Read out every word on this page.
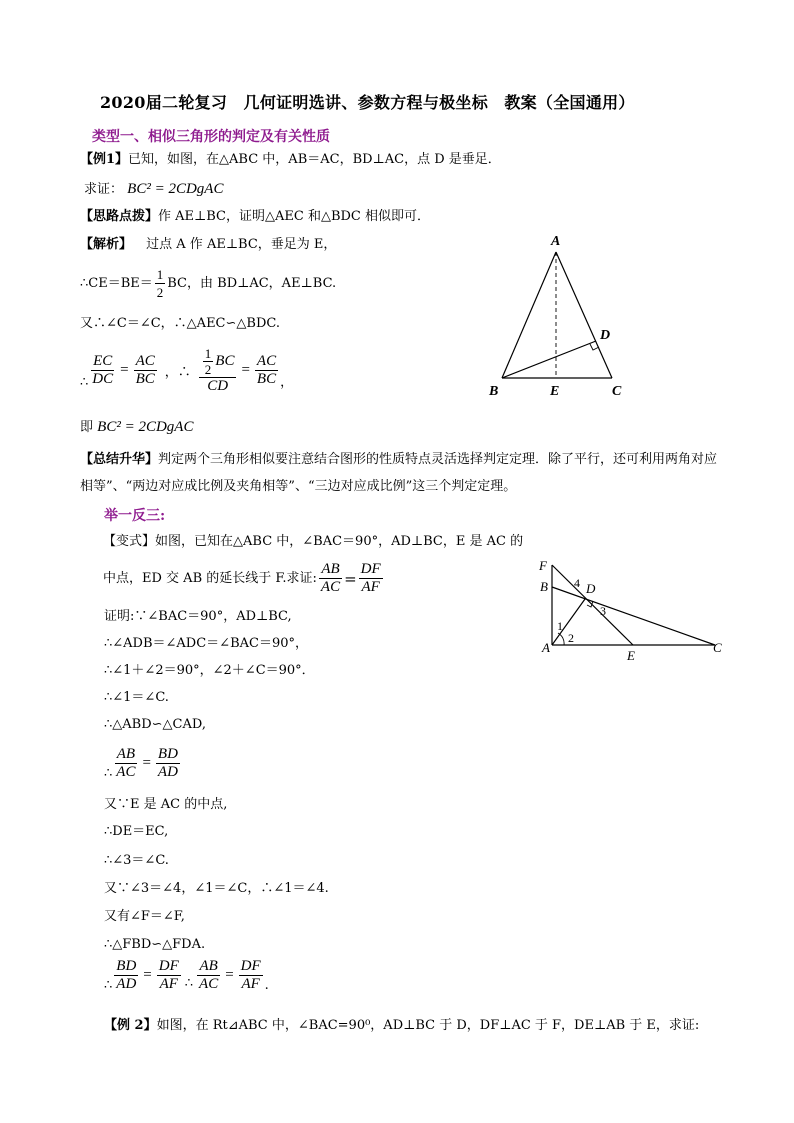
2020届二轮复习　几何证明选讲、参数方程与极坐标　教案（全国通用）
类型一、相似三角形的判定及有关性质
【例1】已知，如图，在△ABC 中，AB＝AC，BD⊥AC，点 D 是垂足．
求证： BC² = 2CDgAC
【思路点拨】作 AE⊥BC，证明△AEC 和△BDC 相似即可．
【解析】 过点 A 作 AE⊥BC，垂足为 E，
∴CE＝BE＝ $\frac{1}{2}$ BC，由 BD⊥AC，AE⊥BC.
又∴∠C＝∠C，∴△AEC∽△BDC.
∴ $\frac{EC}{DC} = \frac{AC}{BC}$ ，∴ $\frac{\frac{1}{2} BC}{CD} = \frac{AC}{BC}$ ，
即 BC² = 2CDgAC
【总结升华】判定两个三角形相似要注意结合图形的性质特点灵活选择判定定理．除了平行，还可利用两角对应相等”、“两边对应成比例及夹角相等”、“三边对应成比例”这三个判定定理。
A
B	C
D
E
举一反三:
【变式】如图，已知在△ABC 中，∠BAC＝90°，AD⊥BC，E 是 AC 的
中点，ED 交 AB 的延长线于 F.求证: $\frac{AB}{AC} = \frac{DF}{AF}$
证明:∵∠BAC＝90°，AD⊥BC,
∴∠ADB＝∠ADC＝∠BAC＝90°，
∴∠1＋∠2＝90°，∠2＋∠C＝90°．
∴∠1＝∠C.
∴△ABD∽△CAD,
∴ $\frac{AB}{AC} = \frac{BD}{AD}$
又∵E 是 AC 的中点,
∴DE＝EC,
∴∠3＝∠C.
又∵∠3＝∠4，∠1＝∠C，∴∠1＝∠4.
又有∠F＝∠F,
∴△FBD∽△FDA.
∴ $\frac{BD}{AD} = \frac{DF}{AF}$ ∴ $\frac{AB}{AC} = \frac{DF}{AF}$ .
F
B
A
D
E
C
1
2
3
4
【例 2】如图，在 Rt⊿ABC 中，∠BAC=90⁰，AD⊥BC 于 D，DF⊥AC 于 F，DE⊥AB 于 E，求证:
